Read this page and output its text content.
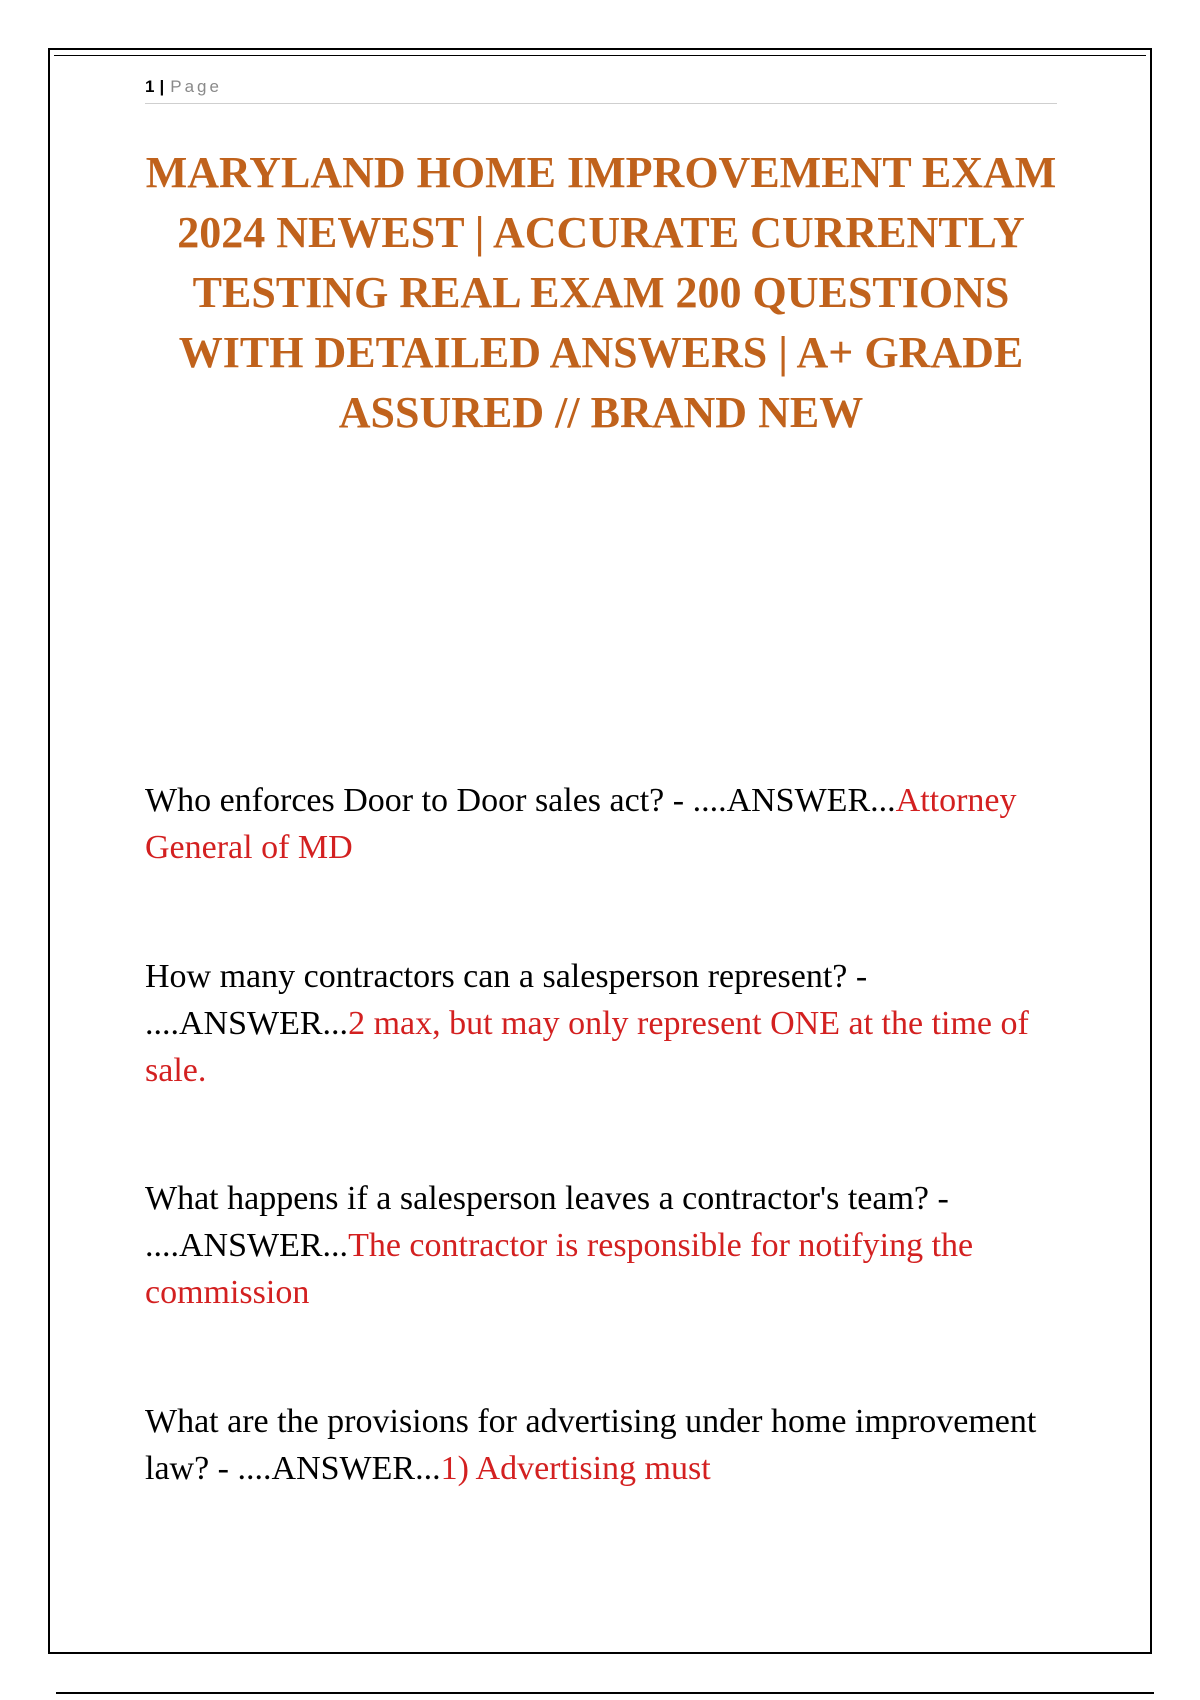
1 | Page
MARYLAND HOME IMPROVEMENT EXAM 2024 NEWEST | ACCURATE CURRENTLY TESTING REAL EXAM 200 QUESTIONS WITH DETAILED ANSWERS | A+ GRADE ASSURED // BRAND NEW

Who enforces Door to Door sales act? - ....ANSWER...Attorney General of MD

How many contractors can a salesperson represent? - ....ANSWER...2 max, but may only represent ONE at the time of sale.

What happens if a salesperson leaves a contractor's team? - ....ANSWER...The contractor is responsible for notifying the commission

What are the provisions for advertising under home improvement law? - ....ANSWER...1) Advertising must
